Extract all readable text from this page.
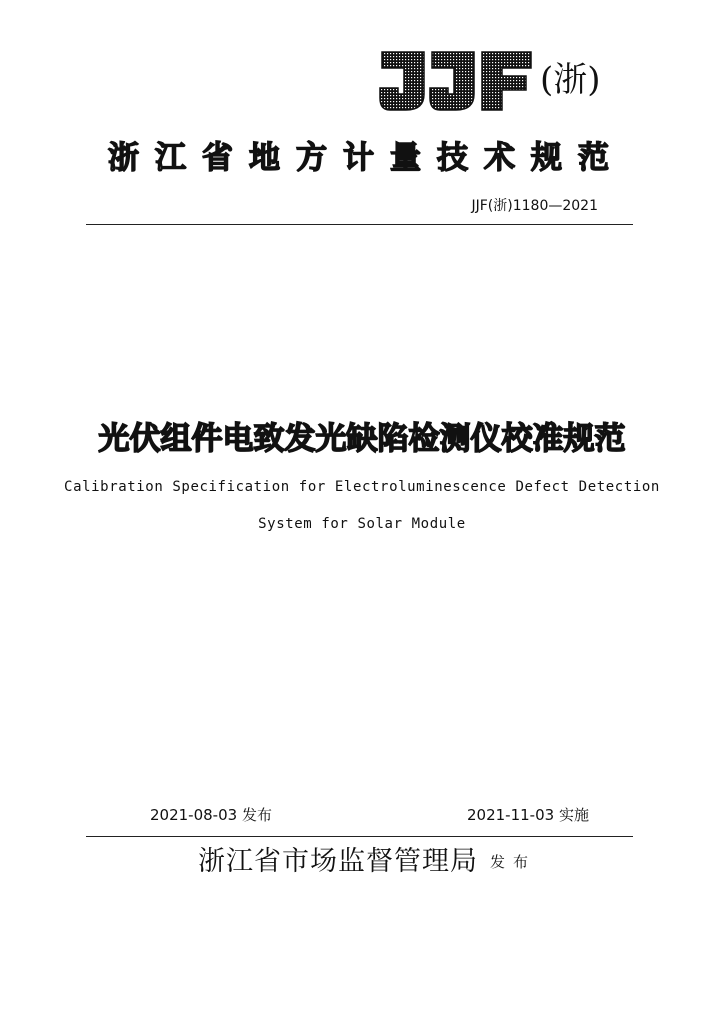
(浙)
浙江省地方计量技术规范
JJF(浙)1180—2021
光伏组件电致发光缺陷检测仪校准规范
Calibration Specification for Electroluminescence Defect Detection
System for Solar Module
2021-08-03 发布	2021-11-03 实施
浙江省市场监督管理局 发布
